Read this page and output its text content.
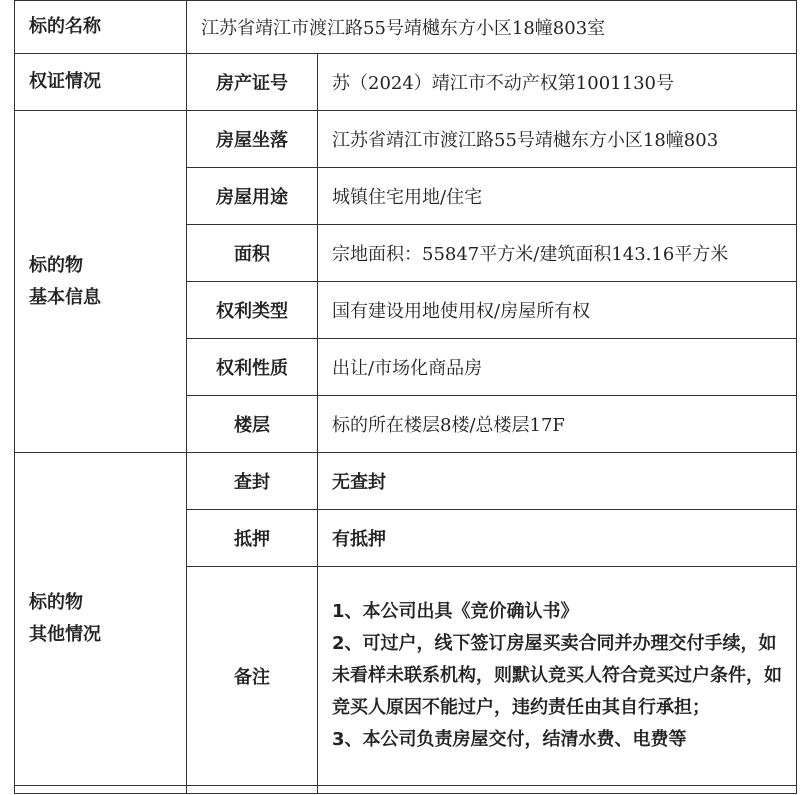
标的名称	江苏省靖江市渡江路55号靖樾东方小区18幢803室	
权证情况	房产证号	苏（2024）靖江市不动产权第1001130号

标的物
基本信息	房屋坐落	江苏省靖江市渡江路55号靖樾东方小区18幢803
	房屋用途	城镇住宅用地/住宅
	面积	宗地面积：55847平方米/建筑面积143.16平方米
	权利类型	国有建设用地使用权/房屋所有权
	权利性质	出让/市场化商品房
	楼层	标的所在楼层8楼/总楼层17F

标的物
其他情况	查封	无查封
	抵押	有抵押
	备注	1、本公司出具《竞价确认书》
2、可过户，线下签订房屋买卖合同并办理交付手续，如未看样未联系机构，则默认竞买人符合竞买过户条件，如竞买人原因不能过户，违约责任由其自行承担；
3、本公司负责房屋交付，结清水费、电费等
